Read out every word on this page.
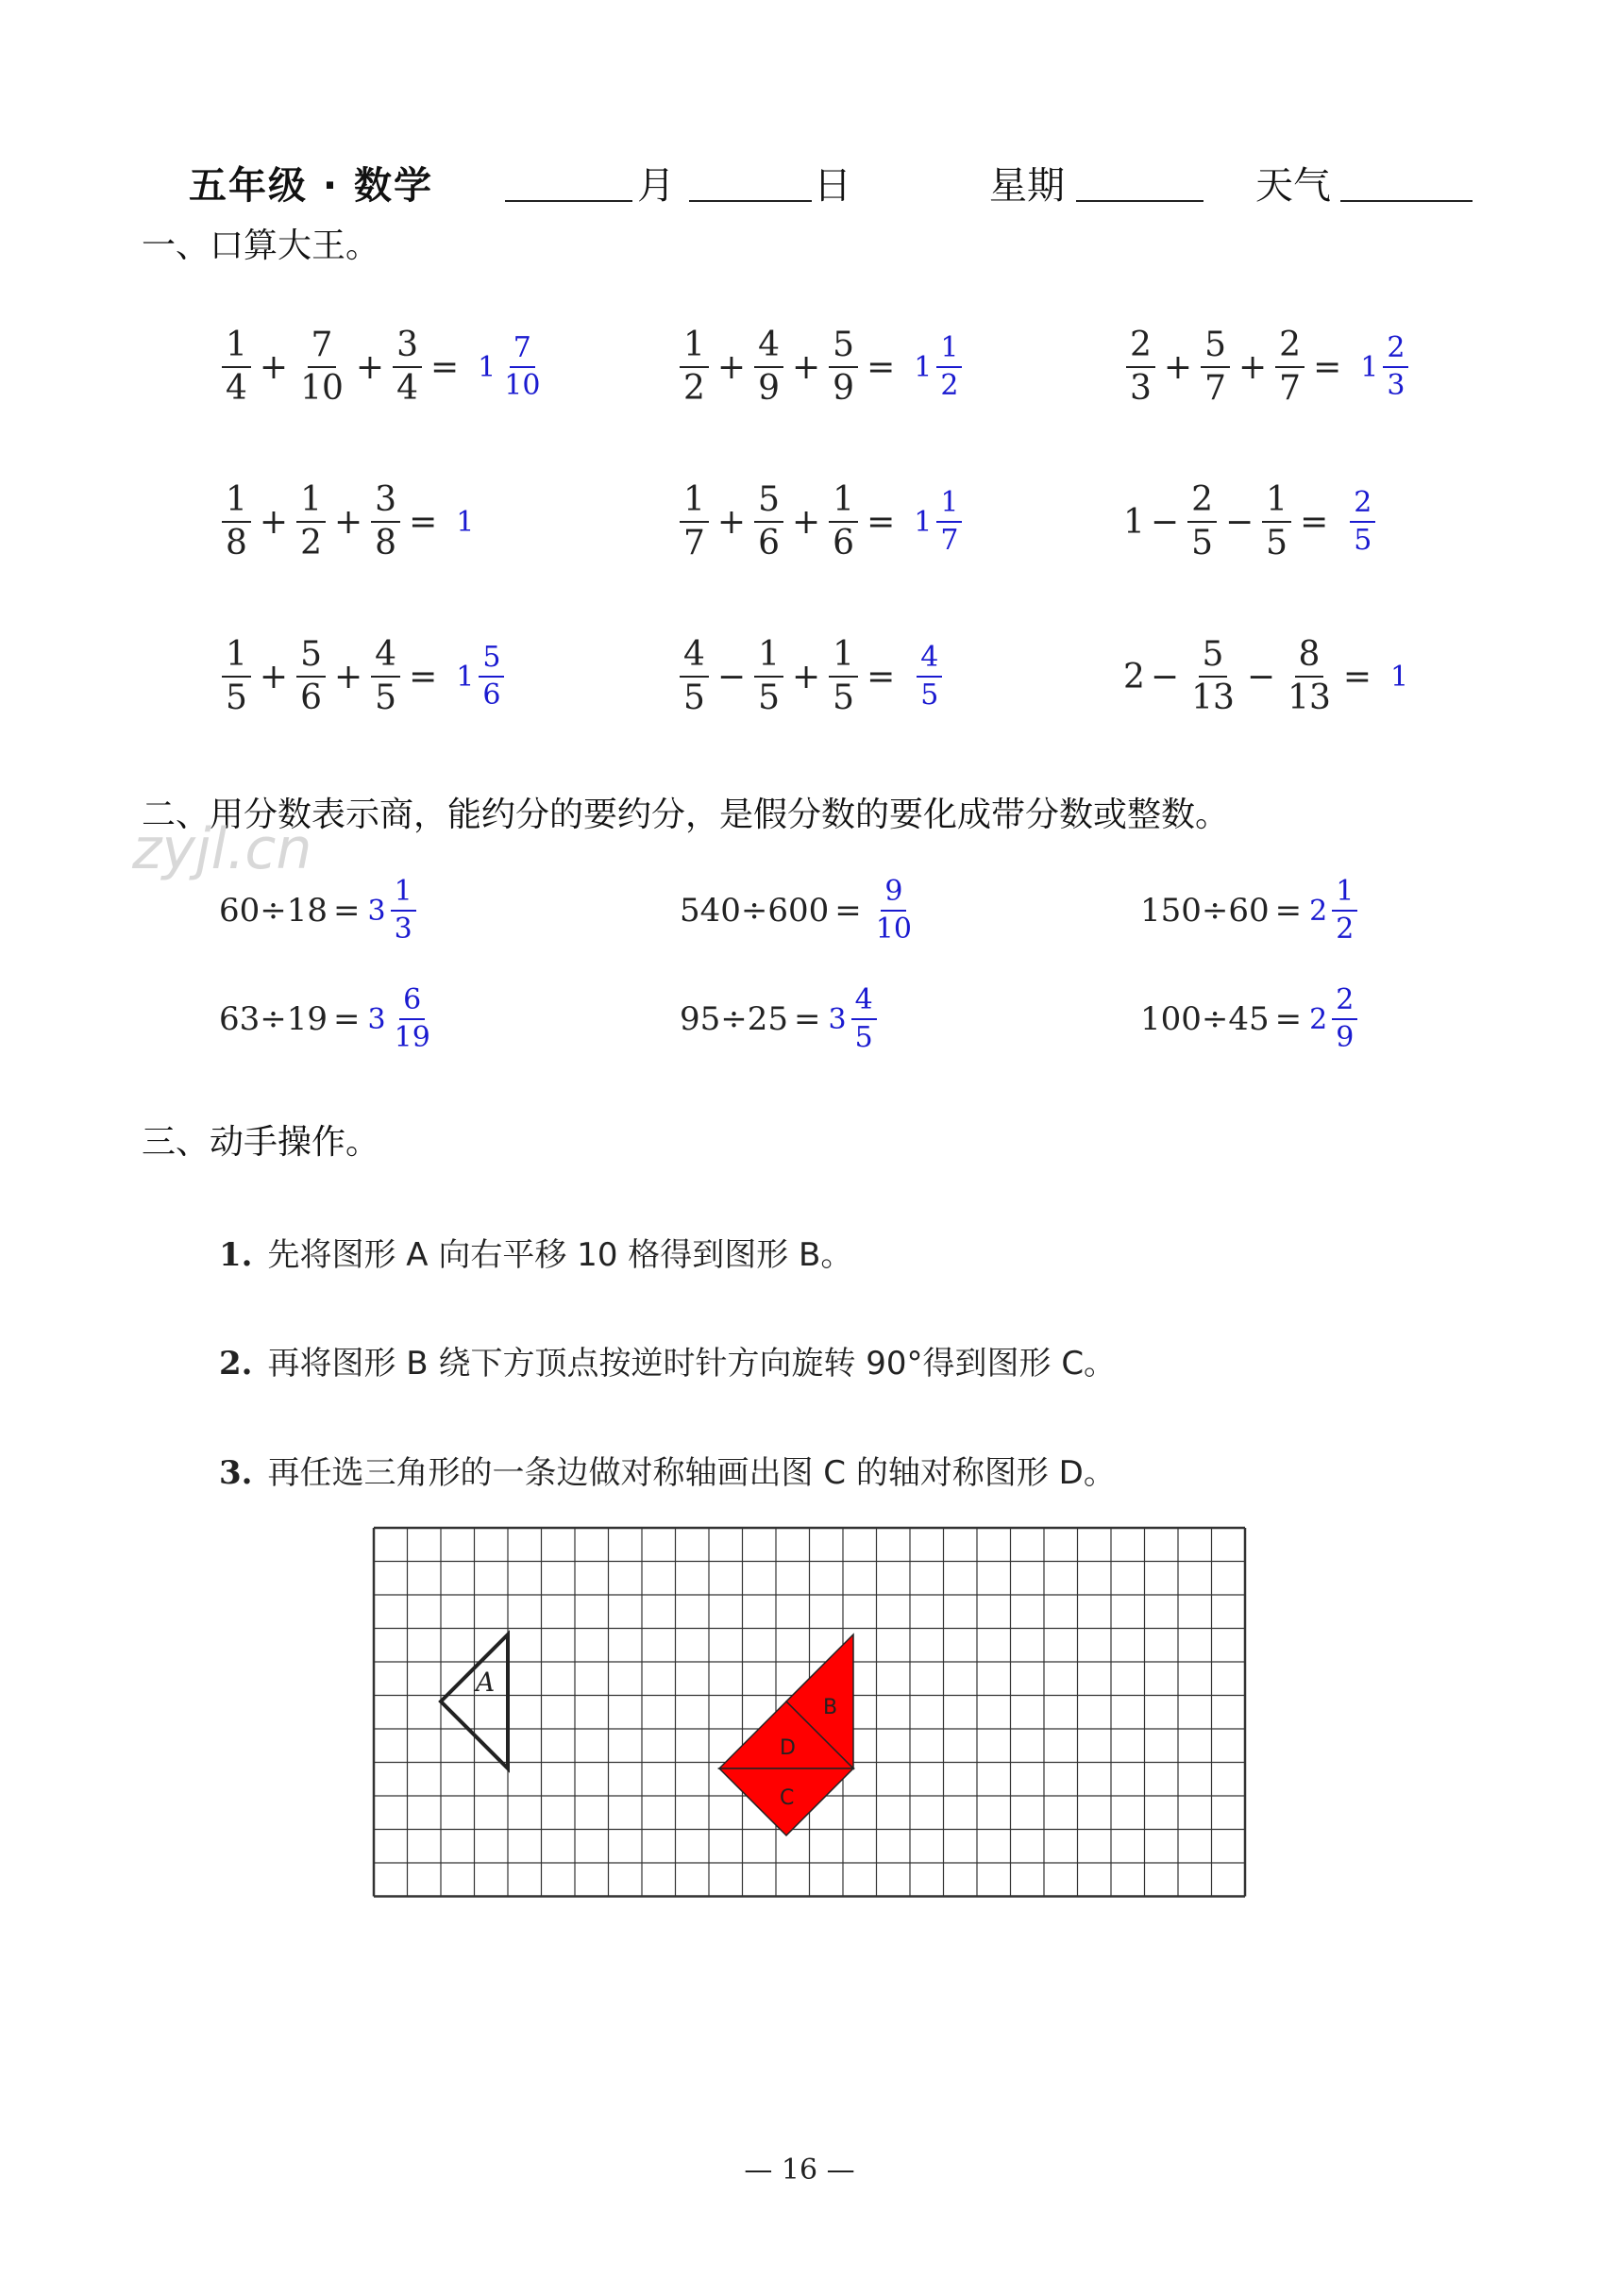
五年级 · 数学	月	日	星期	天气
一、口算大王。
$\frac{1}{4} + \frac{7}{10} + \frac{3}{4} = 1 \frac{7}{10}$	$\frac{1}{2} + \frac{4}{9} + \frac{5}{9} = 1 \frac{1}{2}$	$\frac{2}{3} + \frac{5}{7} + \frac{2}{7} = 1 \frac{2}{3}$
$\frac{1}{8} + \frac{1}{2} + \frac{3}{8} = 1$	$\frac{1}{7} + \frac{5}{6} + \frac{1}{6} = 1 \frac{1}{7}$	$1 - \frac{2}{5} - \frac{1}{5} = \frac{2}{5}$
$\frac{1}{5} + \frac{5}{6} + \frac{4}{5} = 1 \frac{5}{6}$	$\frac{4}{5} - \frac{1}{5} + \frac{1}{5} = \frac{4}{5}$	$2 - \frac{5}{13} - \frac{8}{13} = 1$
二、用分数表示商，能约分的要约分，是假分数的要化成带分数或整数。
zyjl.cn
$60\div 18 = 3 \frac{1}{3}$	$540\div 600 = \frac{9}{10}$	$150\div 60 = 2 \frac{1}{2}$
$63\div 19 = 3 \frac{6}{19}$	$95\div 25 = 3 \frac{4}{5}$	$100\div 45 = 2 \frac{2}{9}$
三、动手操作。
1. 先将图形 A 向右平移 10 格得到图形 B。
2. 再将图形 B 绕下方顶点按逆时针方向旋转 90°得到图形 C。
3. 再任选三角形的一条边做对称轴画出图 C 的轴对称图形 D。
A
B
D
C
— 16 —
